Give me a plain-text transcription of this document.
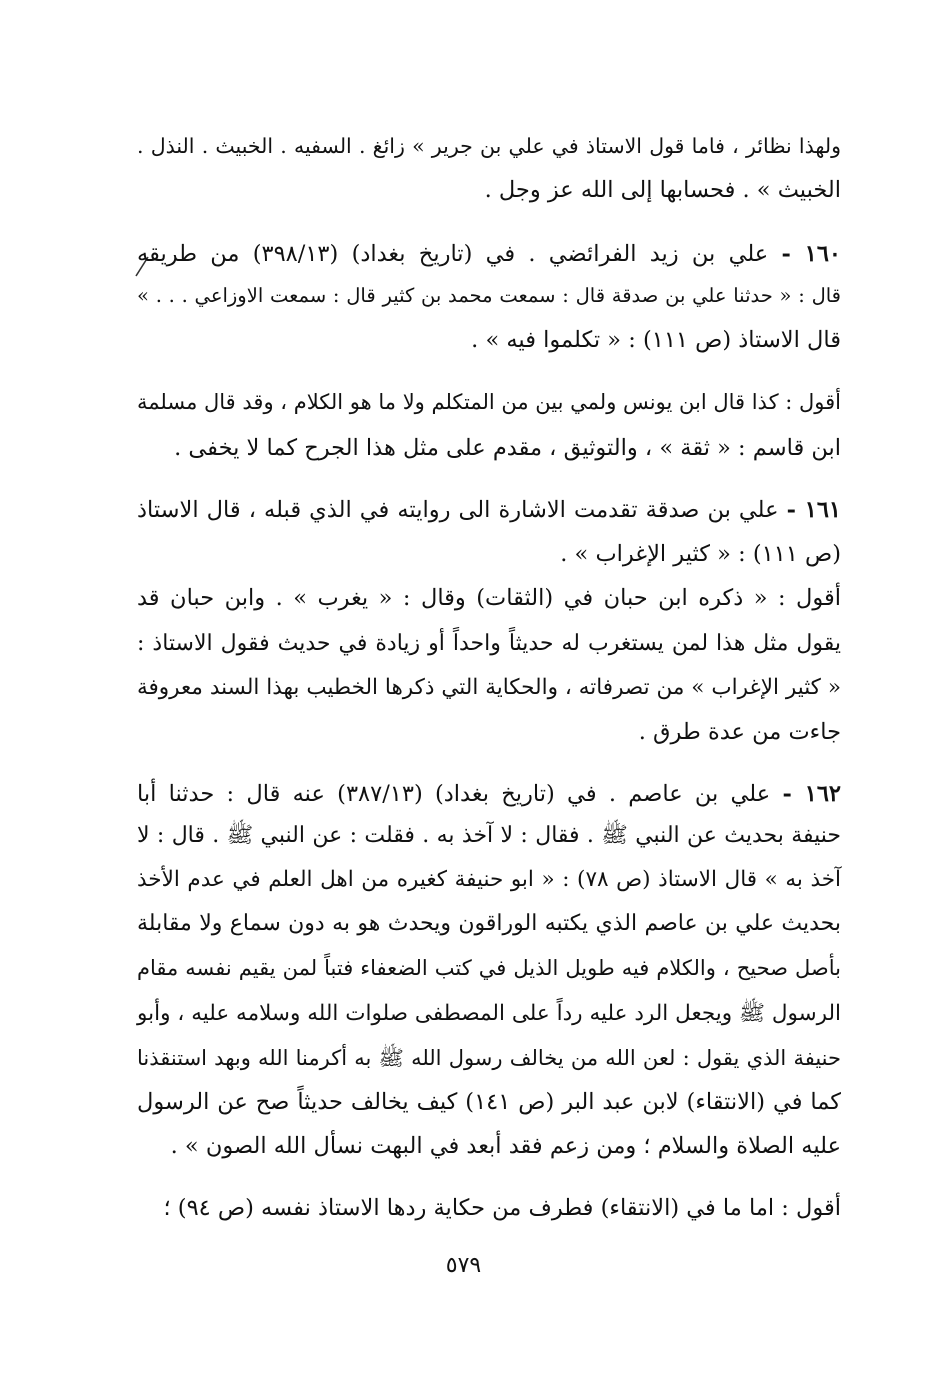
ولهذا نظائر ، فاما قول الاستاذ في علي بن جرير » زائغ . السفيه . الخبيث . النذل .
الخبيث » . فحسابها إلى الله عز وجل .
١٦٠ - علي بن زيد الفرائضي . في (تاريخ بغداد) (٣٩٨/١٣) من طريقه
قال : « حدثنا علي بن صدقة قال : سمعت محمد بن كثير قال : سمعت الاوزاعي . . . »
قال الاستاذ (ص ١١١) : « تكلموا فيه » .
أقول : كذا قال ابن يونس ولمي بين من المتكلم ولا ما هو الكلام ، وقد قال مسلمة
ابن قاسم : « ثقة » ، والتوثيق ، مقدم على مثل هذا الجرح كما لا يخفى .
١٦١ - علي بن صدقة تقدمت الاشارة الى روايته في الذي قبله ، قال الاستاذ
(ص ١١١) : « كثير الإغراب » .
أقول : « ذكره ابن حبان في (الثقات) وقال : « يغرب » . وابن حبان قد
يقول مثل هذا لمن يستغرب له حديثاً واحداً أو زيادة في حديث فقول الاستاذ :
« كثير الإغراب » من تصرفاته ، والحكاية التي ذكرها الخطيب بهذا السند معروفة
جاءت من عدة طرق .
١٦٢ - علي بن عاصم . في (تاريخ بغداد) (٣٨٧/١٣) عنه قال : حدثنا أبا
حنيفة بحديث عن النبي ﷺ . فقال : لا آخذ به . فقلت : عن النبي ﷺ . قال : لا
آخذ به » قال الاستاذ (ص ٧٨) : « ابو حنيفة كغيره من اهل العلم في عدم الأخذ
بحديث علي بن عاصم الذي يكتبه الوراقون ويحدث هو به دون سماع ولا مقابلة
بأصل صحيح ، والكلام فيه طويل الذيل في كتب الضعفاء فتباً لمن يقيم نفسه مقام
الرسول ﷺ ويجعل الرد عليه رداً على المصطفى صلوات الله وسلامه عليه ، وأبو
حنيفة الذي يقول : لعن الله من يخالف رسول الله ﷺ به أكرمنا الله وبهد استنقذنا
كما في (الانتقاء) لابن عبد البر (ص ١٤١) كيف يخالف حديثاً صح عن الرسول
عليه الصلاة والسلام ؛ ومن زعم فقد أبعد في البهت نسأل الله الصون » .
أقول : اما ما في (الانتقاء) فطرف من حكاية ردها الاستاذ نفسه (ص ٩٤) ؛
٥٧٩
